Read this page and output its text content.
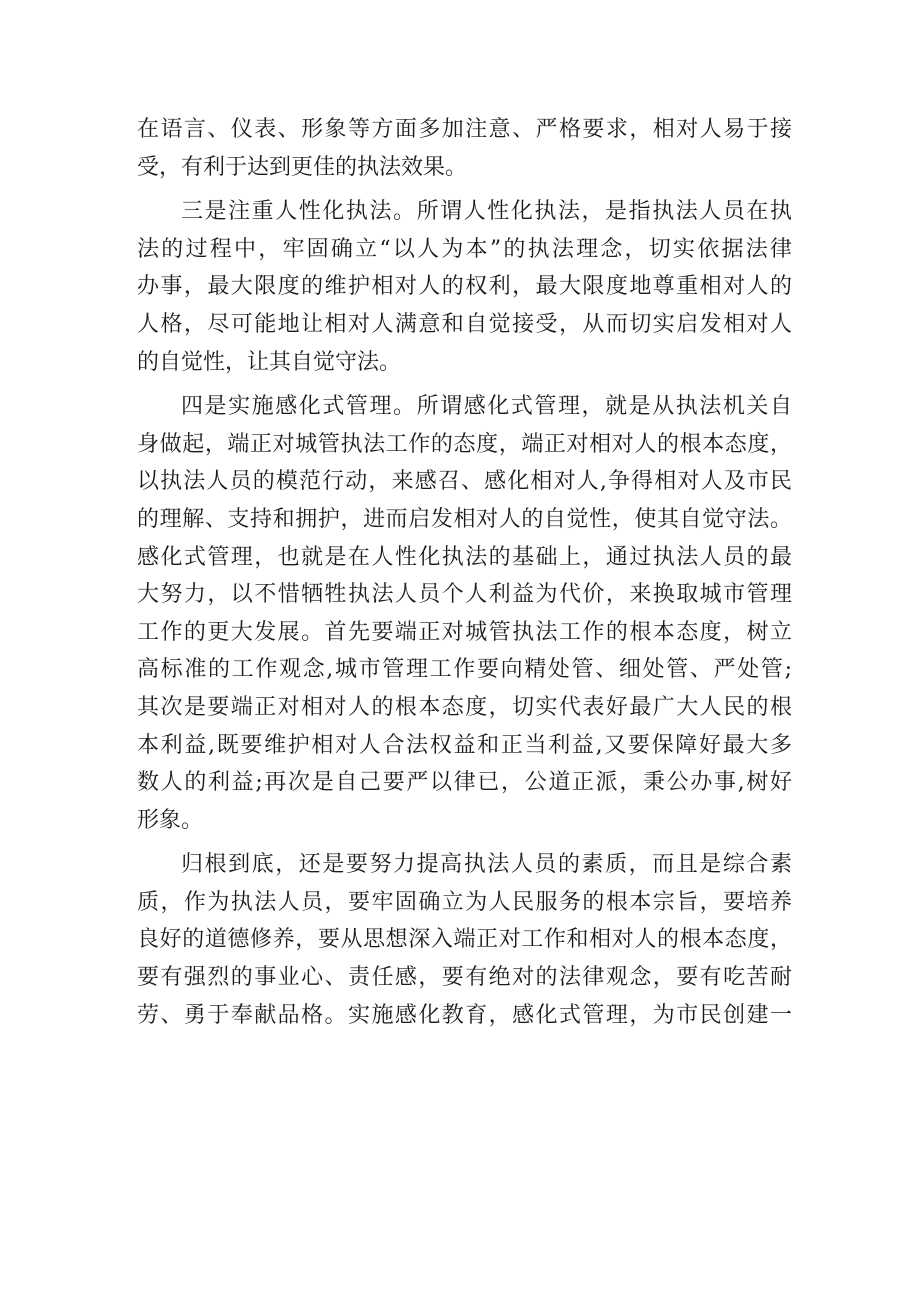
在语言、仪表、形象等方面多加注意、严格要求，相对人易于接
受，有利于达到更佳的执法效果。
三是注重人性化执法。所谓人性化执法，是指执法人员在执
法的过程中，牢固确立“以人为本”的执法理念，切实依据法律
办事，最大限度的维护相对人的权利，最大限度地尊重相对人的
人格，尽可能地让相对人满意和自觉接受，从而切实启发相对人
的自觉性，让其自觉守法。
四是实施感化式管理。所谓感化式管理，就是从执法机关自
身做起，端正对城管执法工作的态度，端正对相对人的根本态度，
以执法人员的模范行动，来感召、感化相对人,争得相对人及市民
的理解、支持和拥护，进而启发相对人的自觉性，使其自觉守法。
感化式管理，也就是在人性化执法的基础上，通过执法人员的最
大努力，以不惜牺牲执法人员个人利益为代价，来换取城市管理
工作的更大发展。首先要端正对城管执法工作的根本态度，树立
高标准的工作观念,城市管理工作要向精处管、细处管、严处管;
其次是要端正对相对人的根本态度，切实代表好最广大人民的根
本利益,既要维护相对人合法权益和正当利益,又要保障好最大多
数人的利益;再次是自己要严以律已，公道正派，秉公办事,树好
形象。
归根到底，还是要努力提高执法人员的素质，而且是综合素
质，作为执法人员，要牢固确立为人民服务的根本宗旨，要培养
良好的道德修养，要从思想深入端正对工作和相对人的根本态度，
要有强烈的事业心、责任感，要有绝对的法律观念，要有吃苦耐
劳、勇于奉献品格。实施感化教育，感化式管理，为市民创建一
